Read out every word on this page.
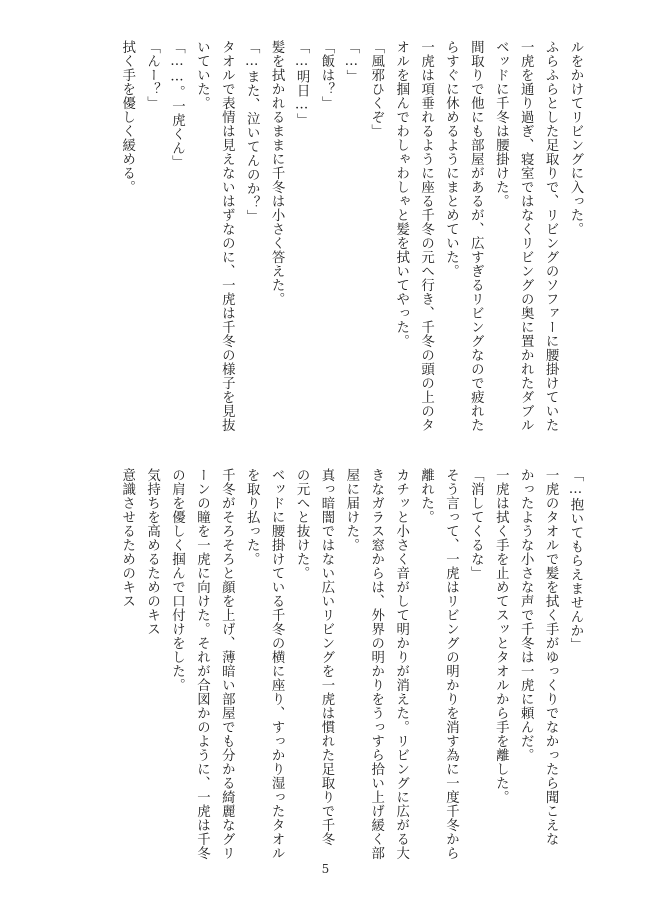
ルをかけてリビングに入った。
ふらふらとした足取りで、リビングのソファーに腰掛けていた
一虎を通り過ぎ、寝室ではなくリビングの奥に置かれたダブル
ベッドに千冬は腰掛けた。
間取りで他にも部屋があるが、広すぎるリビングなので疲れた
らすぐに休めるようにまとめていた。
一虎は項垂れるように座る千冬の元へ行き、千冬の頭の上のタ
オルを掴んでわしゃわしゃと髪を拭いてやった。
「風邪ひくぞ」
「…」
「飯は？」
「…明日…」
髪を拭かれるままに千冬は小さく答えた。
「…また、泣いてんのか？」
タオルで表情は見えないはずなのに、一虎は千冬の様子を見抜
いていた。
「……。一虎くん」
「んー？」
拭く手を優しく緩める。
「…抱いてもらえませんか」
一虎のタオルで髪を拭く手がゆっくりでなかったら聞こえな
かったような小さな声で千冬は一虎に頼んだ。
一虎は拭く手を止めてスッとタオルから手を離した。
「消してくるな」
そう言って、一虎はリビングの明かりを消す為に一度千冬から
離れた。
カチッと小さく音がして明かりが消えた。リビングに広がる大
きなガラス窓からは、外界の明かりをうっすら拾い上げ緩く部
屋に届けた。
真っ暗闇ではない広いリビングを一虎は慣れた足取りで千冬
の元へと抜けた。
ベッドに腰掛けている千冬の横に座り、すっかり湿ったタオル
を取り払った。
千冬がそろそろと顔を上げ、薄暗い部屋でも分かる綺麗なグリ
ーンの瞳を一虎に向けた。それが合図かのように、一虎は千冬
の肩を優しく掴んで口付けをした。
気持ちを高めるためのキス
意識させるためのキス
5
